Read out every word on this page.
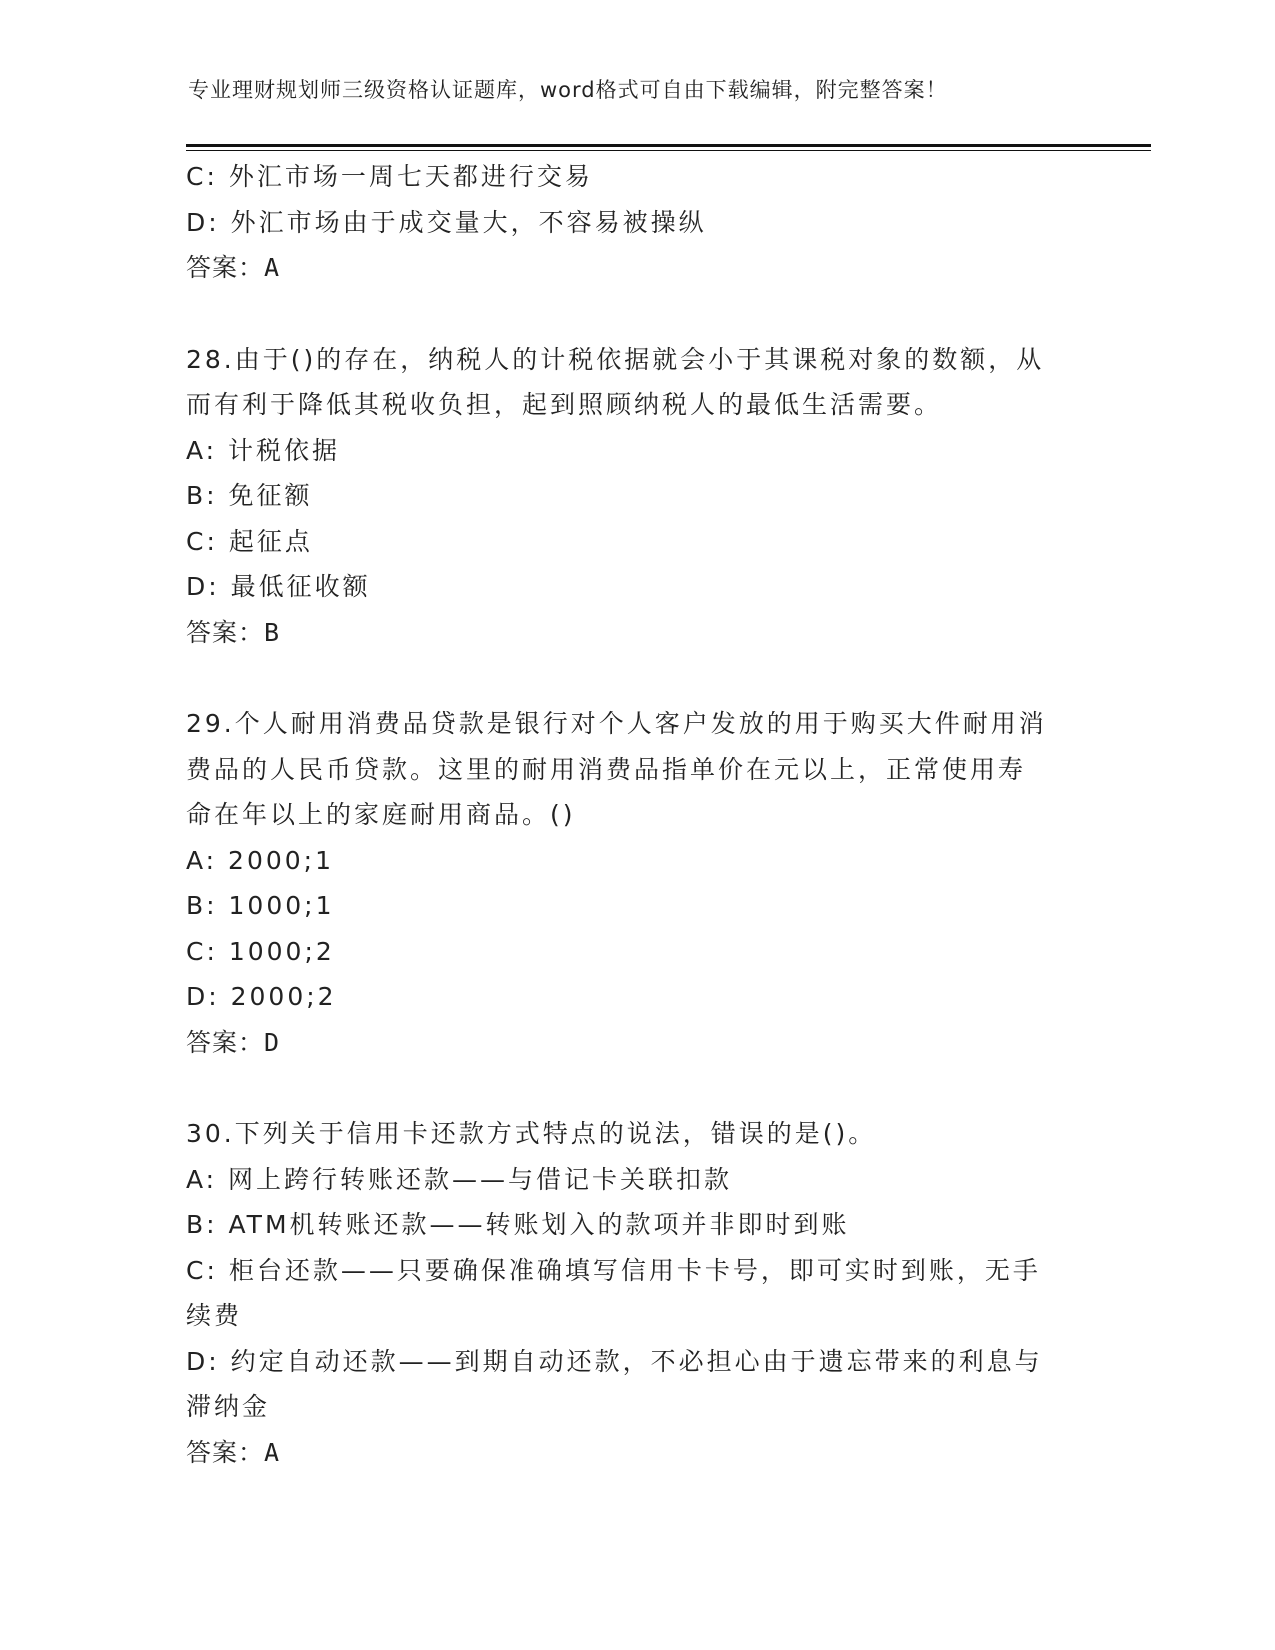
专业理财规划师三级资格认证题库，word格式可自由下载编辑，附完整答案！
C: 外汇市场一周七天都进行交易
D: 外汇市场由于成交量大，不容易被操纵
答案：A
28.由于()的存在，纳税人的计税依据就会小于其课税对象的数额，从
而有利于降低其税收负担，起到照顾纳税人的最低生活需要。
A: 计税依据
B: 免征额
C: 起征点
D: 最低征收额
答案：B
29.个人耐用消费品贷款是银行对个人客户发放的用于购买大件耐用消
费品的人民币贷款。这里的耐用消费品指单价在元以上，正常使用寿
命在年以上的家庭耐用商品。()
A: 2000;1
B: 1000;1
C: 1000;2
D: 2000;2
答案：D
30.下列关于信用卡还款方式特点的说法，错误的是()。
A: 网上跨行转账还款——与借记卡关联扣款
B: ATM机转账还款——转账划入的款项并非即时到账
C: 柜台还款——只要确保准确填写信用卡卡号，即可实时到账，无手
续费
D: 约定自动还款——到期自动还款，不必担心由于遗忘带来的利息与
滞纳金
答案：A
